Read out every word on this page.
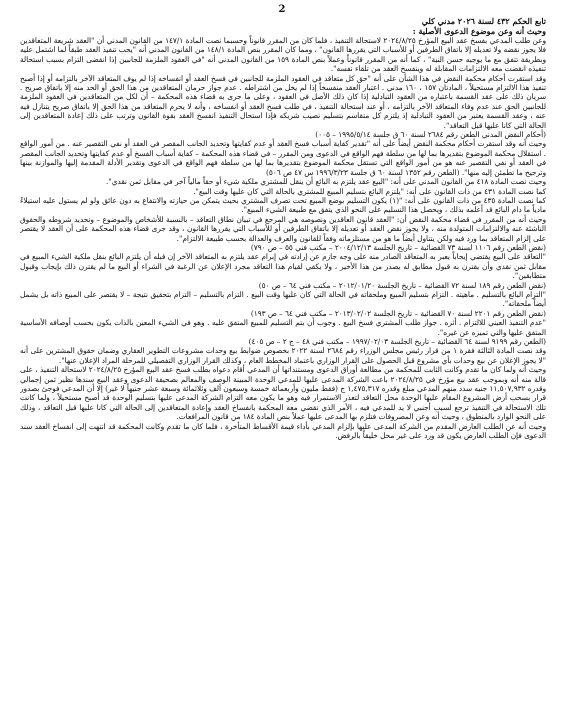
2

تابع الحكم ٤٣٢ لسنة ٢٠٢٦ مدني كلي

وحيث أنه وعن موضوع الدعوى الأصلية :

وعن طلب المدعي بفسخ عقد البيع المؤرخ ٢٠٢٤/٨/٢٥ لاستحالة التنفيذ ، فلما كان من المقرر قانوناً وحسبما نصت المادة ١٤٧/١ من القانون المدني أن "العقد شريعة المتعاقدين فلا يجوز نقضه ولا تعديله إلا باتفاق الطرفين أو للأسباب التي يقررها القانون" ، ومما كان المقرر بنص المادة ١٤٨/١ من القانون المدني أنه "يجب تنفيذ العقد طبقاً لما اشتمل عليه وبطريقة تتفق مع ما يوجبه حسن النية" ، كما أنه من المقرر قانوناً وعملاً بنص المادة ١٥٩ من القانون المدني أنه "في العقود الملزمة للجانبين إذا انقضى التزام بسبب استحالة تنفيذه انقضت معه الالتزامات المقابلة له وينفسخ العقد من تلقاء نفسه".

وقد استقرت أحكام محكمة النقض في هذا الشأن على أنه "حق كل متعاقد في العقود الملزمة للجانبين في فسخ العقد أو انفساخه إذا لم يوف المتعاقد الآخر بالتزامه أو إذا أصبح تنفيذ هذا الالتزام مستحيلاً ، المادتان ١٥٧ ، ١٦٠ مدني . اعتبار العقد منفسخاً إذا لم يخل من اشتراطه . عدم جواز حرمان المتعاقدين من هذا الحق أو الحد منه إلا باتفاق صريح . سريان ذلك على عقد القسمة باعتباره من العقود التبادلية إذا كان ذلك الأصل في العقود ، وعلى ما جرى به قضاء هذه المحكمة – أن لكل من المتعاقدين في العقود الملزمة للجانبين الحق عند عدم وفاء المتعاقد الآخر بالتزامه ، أو عند استحالة التنفيذ ، في طلب فسخ العقد أو انفساخه ، وأنه لا يحرم المتعاقد من هذا الحق إلا باتفاق صريح يتنازل فيه عنه ، وعقد القسمة يعتبر من العقود التبادلية إذ يلتزم كل متقاسم بتسليم نصيب شريكه فإذا استحال التنفيذ انفسخ العقد بقوة القانون وترتب على ذلك إعادة المتعاقدين إلى الحالة التي كانا عليها قبل التعاقد".

(أحكام النقض المدني الطعن رقم ٢٦٨٤ لسنة ٦٠ ق جلسة ١٩٩٥/٥/١٤ – ٠٠٥)

وحيث أنه وقد استقرت أحكام محكمة النقض أيضاً على أنه "تقدير كفاية أسباب فسخ العقد أو عدم كفايتها وتحديد الجانب المقصر في العقد أو نفي التقصير عنه . من أمور الواقع . استقلال محكمة الموضوع بتقديرها بما لها من سلطة فهم الواقع في الدعوى ومن المقرر – في قضاء هذه المحكمة – كفاية أسباب الفسخ أو عدم كفايتها وتحديد الجانب المقصر في العقد أو نفي التقصير عنه هو من أمور الواقع التي تستقل محكمة الموضوع بتقديرها بما لها من سلطة فهم الواقع في الدعوى وتقدير الأدلة المقدمة إليها والموازنة بينها وترجيح ما تطمئن إليه منها". (الطعن رقم ١٣٥٢ لسنة ٦٠ ق جلسة ١٩٩٦/٣/٢٣ س ٤٧ ص ٥٠٦)

وحيث نصت المادة ٤١٨ من القانون المدني على أنه: "البيع عقد يلتزم به البائع أن ينقل للمشتري ملكية شيء أو حقاً مالياً آخر في مقابل ثمن نقدي".

كما نصت المادة ٤٣١ من ذات القانون على أنه: "يلتزم البائع بتسليم المبيع للمشتري بالحالة التي كان عليها وقت البيع".

كما نصت المادة ٤٣٥ من ذات القانون على أنه: "(١) يكون التسليم بوضع المبيع تحت تصرف المشتري بحيث يتمكن من حيازته والانتفاع به دون عائق ولو لم يستول عليه استيلاءً مادياً ما دام البائع قد أعلمه بذلك ، ويحصل هذا التسليم على النحو الذي يتفق مع طبيعة الشيء المبيع".

وحيث أنه من المقرر في قضاء محكمة النقض أن: "العقد قانون العاقدين ونصوصه هي المرجع في تبيان نطاق التعاقد – بالنسبة للأشخاص والموضوع – وتحديد شروطه والحقوق الناشئة عنه والالتزامات المتولدة منه ، ولا يجوز نقض العقد أو تعديله إلا باتفاق الطرفين أو للأسباب التي يقررها القانون ، وقد جرى قضاء هذه المحكمة على أن العقد لا يقتصر على إلزام المتعاقد بما ورد فيه ولكن يتناول أيضاً ما هو من مستلزماته وفقاً للقانون والعرف والعدالة بحسب طبيعة الالتزام".

(نقض الطعن رقم ١١٠٦ لسنة ٧٣ القضائية – تاريخ الجلسة ٢٠٠٤/١٢/١٣ – مكتب فني ٥٥ – ص ٧٩٠)

"التعاقد على البيع يقتضي إيجاباً يعبر به المتعاقد الصادر منه على وجه جازم عن إرادته في إبرام عقد يلتزم به المتعاقد الآخر إن قبله أن يلتزم البائع بنقل ملكية الشيء المبيع في مقابل ثمن نقدي وأن يقترن به قبول مطابق له يصدر من هذا الأخير ، ولا يكفي لقيام هذا التعاقد مجرد الإعلان عن الرغبة في الشراء أو البيع ما لم يقترن ذلك بإيجاب وقبول متطابقين".

(نقض الطعن رقم ١٨٩ لسنة ٧٢ القضائية – تاريخ الجلسة ٢٠١٢/٠١/٢٠ – مكتب فني ٦٤ – ص ٥٠)

"التزام البائع بالتسليم . ماهيته . التزام بتسليم المبيع وملحقاته في الحالة التي كان عليها وقت البيع . التزام بالتسليم – التزام بتحقيق نتيجة – لا يقتصر على المبيع ذاته بل يشمل أيضاً ملحقاته".

(نقض الطعن رقم ٢٢٠١ لسنة ٧٠ القضائية – تاريخ الجلسة ٢٠١٣/٠٢/٠٢ – مكتب فني ٦٤ – ص ١٩٣)

"عدم التنفيذ العيني للالتزام . أثره . جواز طلب المشتري فسخ البيع . وجوب أن يتم التسليم للمبيع المتفق عليه . وهو في الشيء المعين بالذات يكون بحسب أوصافه الأساسية المتفق عليها والتي تميزه عن غيره".

(الطعن رقم ٩١٩٩ لسنة ٦٤ القضائية – تاريخ الجلسة ١٩٩٧/٠٢/٠٣ – مكتب فني ٤٨ – ج ٢ – ص ٤٠٥)

وقد نصت المادة الثالثة فقرة ١ من قرار رئيس مجلس الوزراء رقم ٢٦٨٤ لسنة ٢٠٢٢ بخصوص ضوابط بيع وحدات مشروعات التطوير العقاري وضمان حقوق المشترين على أنه "لا يجوز الإعلان عن بيع وحدات بأي مشروع قبل الحصول على القرار الوزاري باعتماد المخطط العام ، وكذلك القرار الوزاري التفصيلي للمرحلة المراد الإعلان عنها".

وحيث أنه ولما كان ما تقدم وكانت الثابت للمحكمة من مطالعة أوراق الدعوى ومستنداتها أن المدعي أقام دعواه بطلب فسخ عقد البيع المؤرخ ٢٠٢٤/٨/٢٥ لاستحالة التنفيذ ، على قالة منه أنه وبموجب عقد بيع مؤرخ في ٢٠٢٤/٨/٢٥ باعت الشركة المدعى عليها للمدعي الوحدة المبينة الوصف والمعالم بصحيفة الدعوى وعقد البيع سندها نظير ثمن إجمالي وقدره ١١,٥٠٧,٩٣٢ جنيه سدد منهم المدعي مبلغ وقدره ١,٤٧٥,٣١٧ ج (فقط مليون وأربعمائة خمسة وسبعون ألف وثلاثمائة وسبعة عشر جنيهاً لا غير) إلا أن المدعي فوجئ بصدور قرار بسحب أرض المشروع المقام عليها الوحدة محل التعاقد لتعذر الاستمرار فيه وهو ما يكون معه التزام الشركة المدعى عليها بتسليم الوحدة قد أصبح مستحيلاً ، ولما كانت تلك الاستحالة في التنفيذ ترجع لسبب أجنبي لا يد للمدعي فيه ، الأمر الذي تقضي معه المحكمة بانفساخ العقد وإعادة المتعاقدين إلى الحالة التي كانا عليها قبل التعاقد ، وذلك على النحو الوارد بالمنطوق ، وحيث أنه وعن المصروفات فتلزم بها المدعى عليها عملاً بنص المادة ١٨٤ من قانون المرافعات.

وحيث أنه عن الطلب العارض المقدم من الشركة المدعى عليها بإلزام المدعي بأداء قيمة الأقساط المتأخرة ، فلما كان ما تقدم وكانت المحكمة قد انتهت إلى انفساخ العقد سند الدعوى فإن الطلب العارض يكون قد ورد على غير محل خليقاً بالرفض.
